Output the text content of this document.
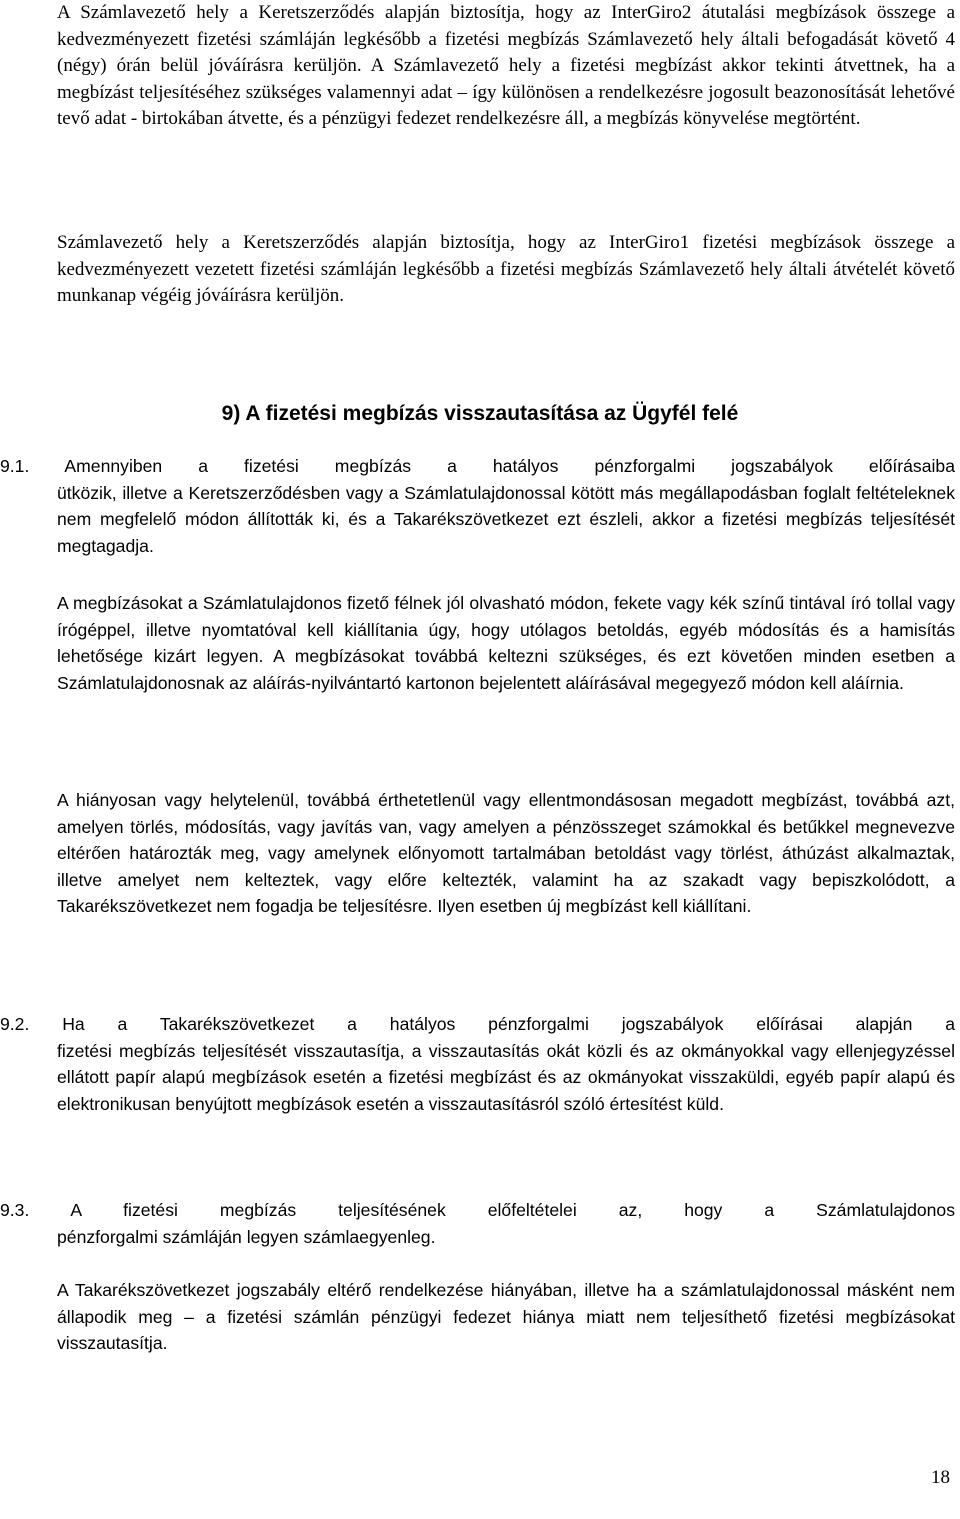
A Számlavezető hely a Keretszerződés alapján biztosítja, hogy az InterGiro2 átutalási megbízások összege a kedvezményezett fizetési számláján legkésőbb a fizetési megbízás Számlavezető hely általi befogadását követő 4 (négy) órán belül jóváírásra kerüljön. A Számlavezető hely a fizetési megbízást akkor tekinti átvettnek, ha a megbízást teljesítéséhez szükséges valamennyi adat – így különösen a rendelkezésre jogosult beazonosítását lehetővé tevő adat - birtokában átvette, és a pénzügyi fedezet rendelkezésre áll, a megbízás könyvelése megtörtént.

Számlavezető hely a Keretszerződés alapján biztosítja, hogy az InterGiro1 fizetési megbízások összege a kedvezményezett vezetett fizetési számláján legkésőbb a fizetési megbízás Számlavezető hely általi átvételét követő munkanap végéig jóváírásra kerüljön.

9) A fizetési megbízás visszautasítása az Ügyfél felé
9.1. Amennyiben a fizetési megbízás a hatályos pénzforgalmi jogszabályok előírásaiba
ütközik, illetve a Keretszerződésben vagy a Számlatulajdonossal kötött más megállapodásban foglalt feltételeknek nem megfelelő módon állították ki, és a Takarékszövetkezet ezt észleli, akkor a fizetési megbízás teljesítését megtagadja.

A megbízásokat a Számlatulajdonos fizető félnek jól olvasható módon, fekete vagy kék színű tintával író tollal vagy írógéppel, illetve nyomtatóval kell kiállítania úgy, hogy utólagos betoldás, egyéb módosítás és a hamisítás lehetősége kizárt legyen. A megbízásokat továbbá keltezni szükséges, és ezt követően minden esetben a Számlatulajdonosnak az aláírás-nyilvántartó kartonon bejelentett aláírásával megegyező módon kell aláírnia.

A hiányosan vagy helytelenül, továbbá érthetetlenül vagy ellentmondásosan megadott megbízást, továbbá azt, amelyen törlés, módosítás, vagy javítás van, vagy amelyen a pénzösszeget számokkal és betűkkel megnevezve eltérően határozták meg, vagy amelynek előnyomott tartalmában betoldást vagy törlést, áthúzást alkalmaztak, illetve amelyet nem kelteztek, vagy előre keltezték, valamint ha az szakadt vagy bepiszkolódott, a Takarékszövetkezet nem fogadja be teljesítésre. Ilyen esetben új megbízást kell kiállítani.

9.2. Ha a Takarékszövetkezet a hatályos pénzforgalmi jogszabályok előírásai alapján a
fizetési megbízás teljesítését visszautasítja, a visszautasítás okát közli és az okmányokkal vagy ellenjegyzéssel ellátott papír alapú megbízások esetén a fizetési megbízást és az okmányokat visszaküldi, egyéb papír alapú és elektronikusan benyújtott megbízások esetén a visszautasításról szóló értesítést küld.
9.3. A fizetési megbízás teljesítésének előfeltételei az, hogy a Számlatulajdonos
pénzforgalmi számláján legyen számlaegyenleg.

A Takarékszövetkezet jogszabály eltérő rendelkezése hiányában, illetve ha a számlatulajdonossal másként nem állapodik meg – a fizetési számlán pénzügyi fedezet hiánya miatt nem teljesíthető fizetési megbízásokat visszautasítja.

18
